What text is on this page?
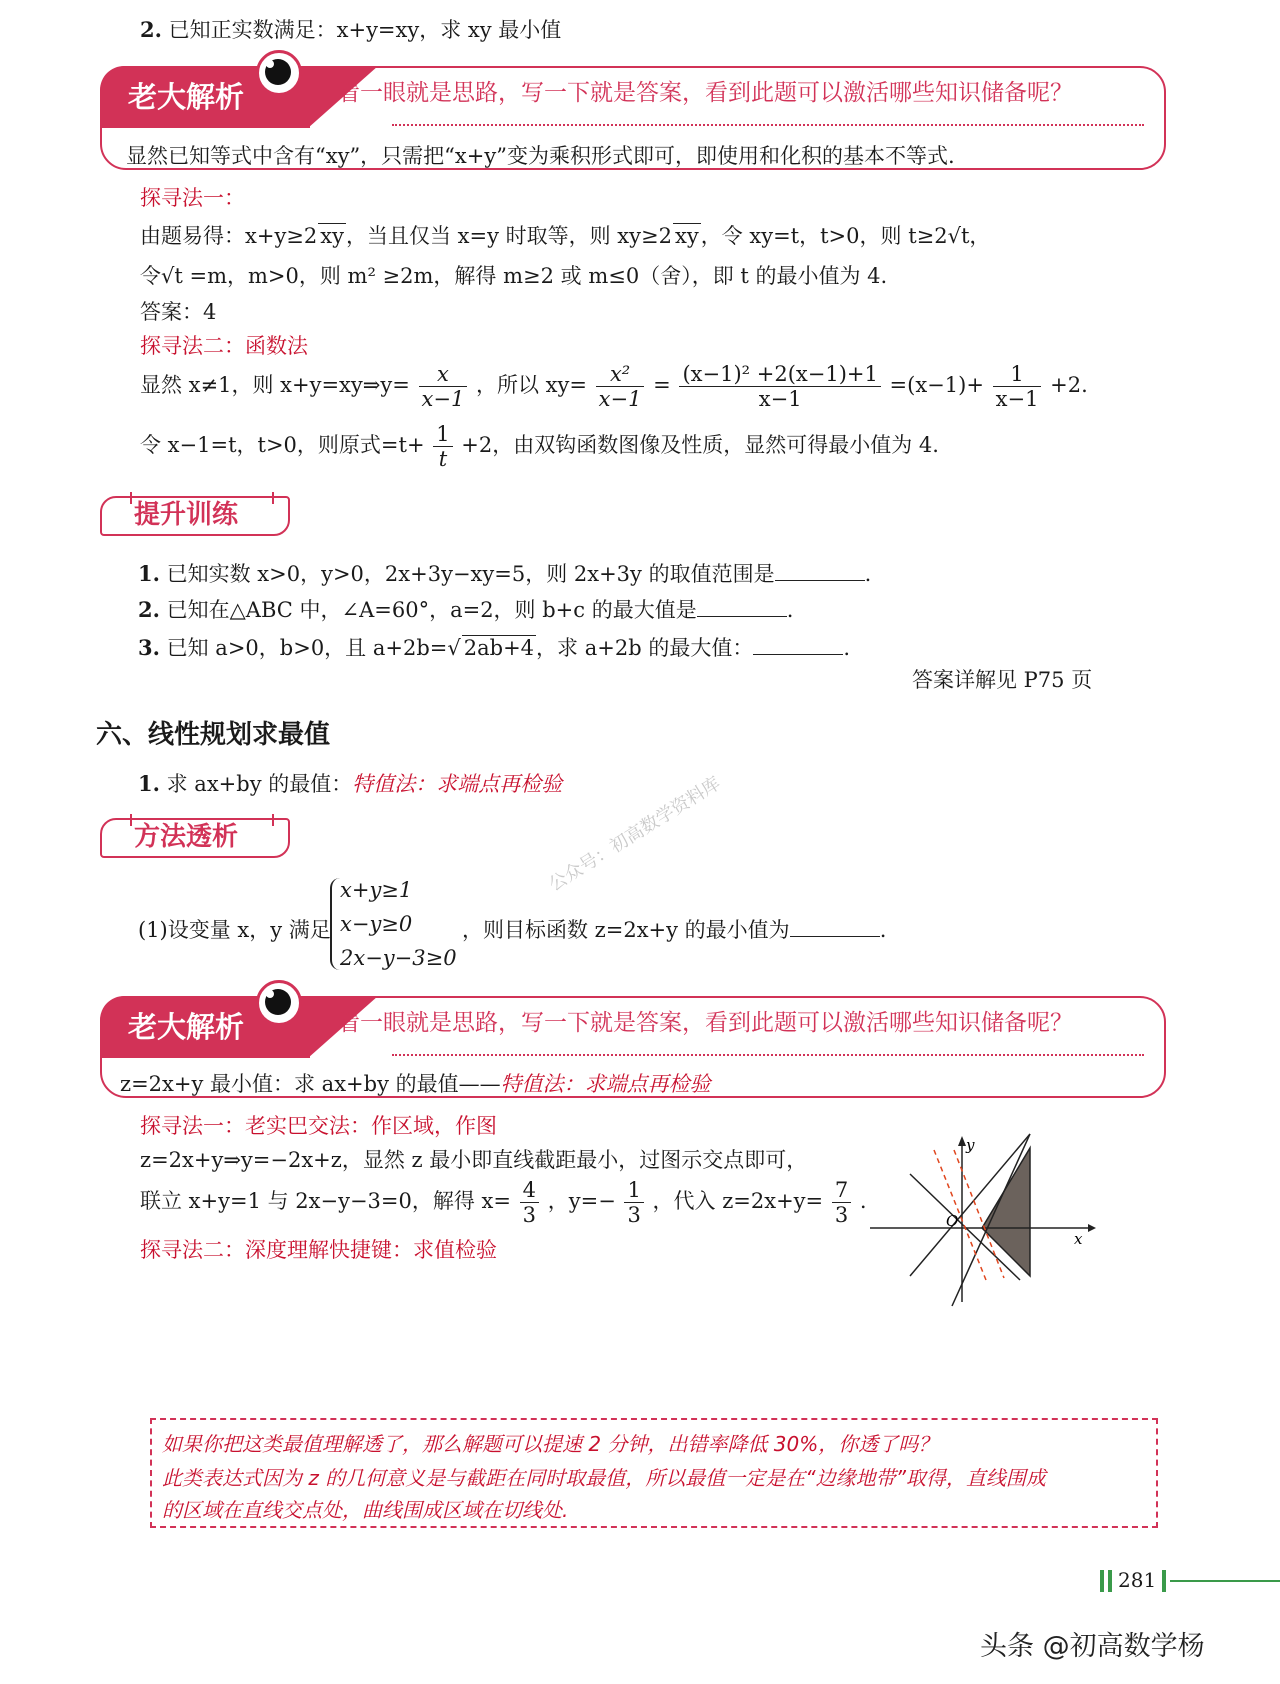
2. 已知正实数满足：x+y=xy，求 xy 最小值
老大解析	看一眼就是思路，写一下就是答案，看到此题可以激活哪些知识储备呢？
显然已知等式中含有“xy”，只需把“x+y”变为乘积形式即可，即使用和化积的基本不等式.
探寻法一：
由题易得：x+y≥2 xy，当且仅当 x=y 时取等，则 xy≥2 xy，令 xy=t，t>0，则 t≥2√t，
令√t =m，m>0，则 m² ≥2m，解得 m≥2 或 m≤0（舍），即 t 的最小值为 4.
答案：4
探寻法二：函数法
显然 x≠1，则 x+y=xy⇒y= $\frac{x}{x-1}$ ，所以 $xy= \frac{\text{x²}}{x-1} = \frac{\text{(x−1)² +2(x−1)+1}}{x-1} =(x-1)+ \frac{1}{x-1} +2$.
令 x−1=t，t>0，则原式$=t+ \frac{1}{t} +2$，由双钩函数图像及性质，显然可得最小值为 4.
提升训练
1. 已知实数 x>0，y>0，2x+3y−xy=5，则 2x+3y 的取值范围是	.
2. 已知在△ABC 中，∠A=60°，a=2，则 b+c 的最大值是	.
3. 已知 a>0，b>0，且 a+2b=√ 2ab+4，求 a+2b 的最大值：	.
答案详解见 P75 页
六、线性规划求最值
1. 求 ax+by 的最值：特值法：求端点再检验
公众号：初高数学资料库
方法透析
(1)设变量 x，y 满足
x+y≥1
x−y≥0
2x−y−3≥0
，则目标函数 z=2x+y 的最小值为	.
老大解析	看一眼就是思路，写一下就是答案，看到此题可以激活哪些知识储备呢？
z=2x+y 最小值：求 ax+by 的最值——特值法：求端点再检验
探寻法一：老实巴交法：作区域，作图
z=2x+y⇒y=−2x+z，显然 z 最小即直线截距最小，过图示交点即可，
联立 x+y=1 与 2x−y−3=0，解得 $x= \frac{4}{3}$ ，$y=- \frac{1}{3}$ ，代入 $z=2x+y= \frac{7}{3}$ .
探寻法二：深度理解快捷键：求值检验
y
x
O
如果你把这类最值理解透了，那么解题可以提速 2 分钟，出错率降低 30%，你透了吗？
此类表达式因为 z 的几何意义是与截距在同时取最值，所以最值一定是在“边缘地带”取得，直线围成
的区域在直线交点处，曲线围成区域在切线处.
281
头条 @初高数学杨
